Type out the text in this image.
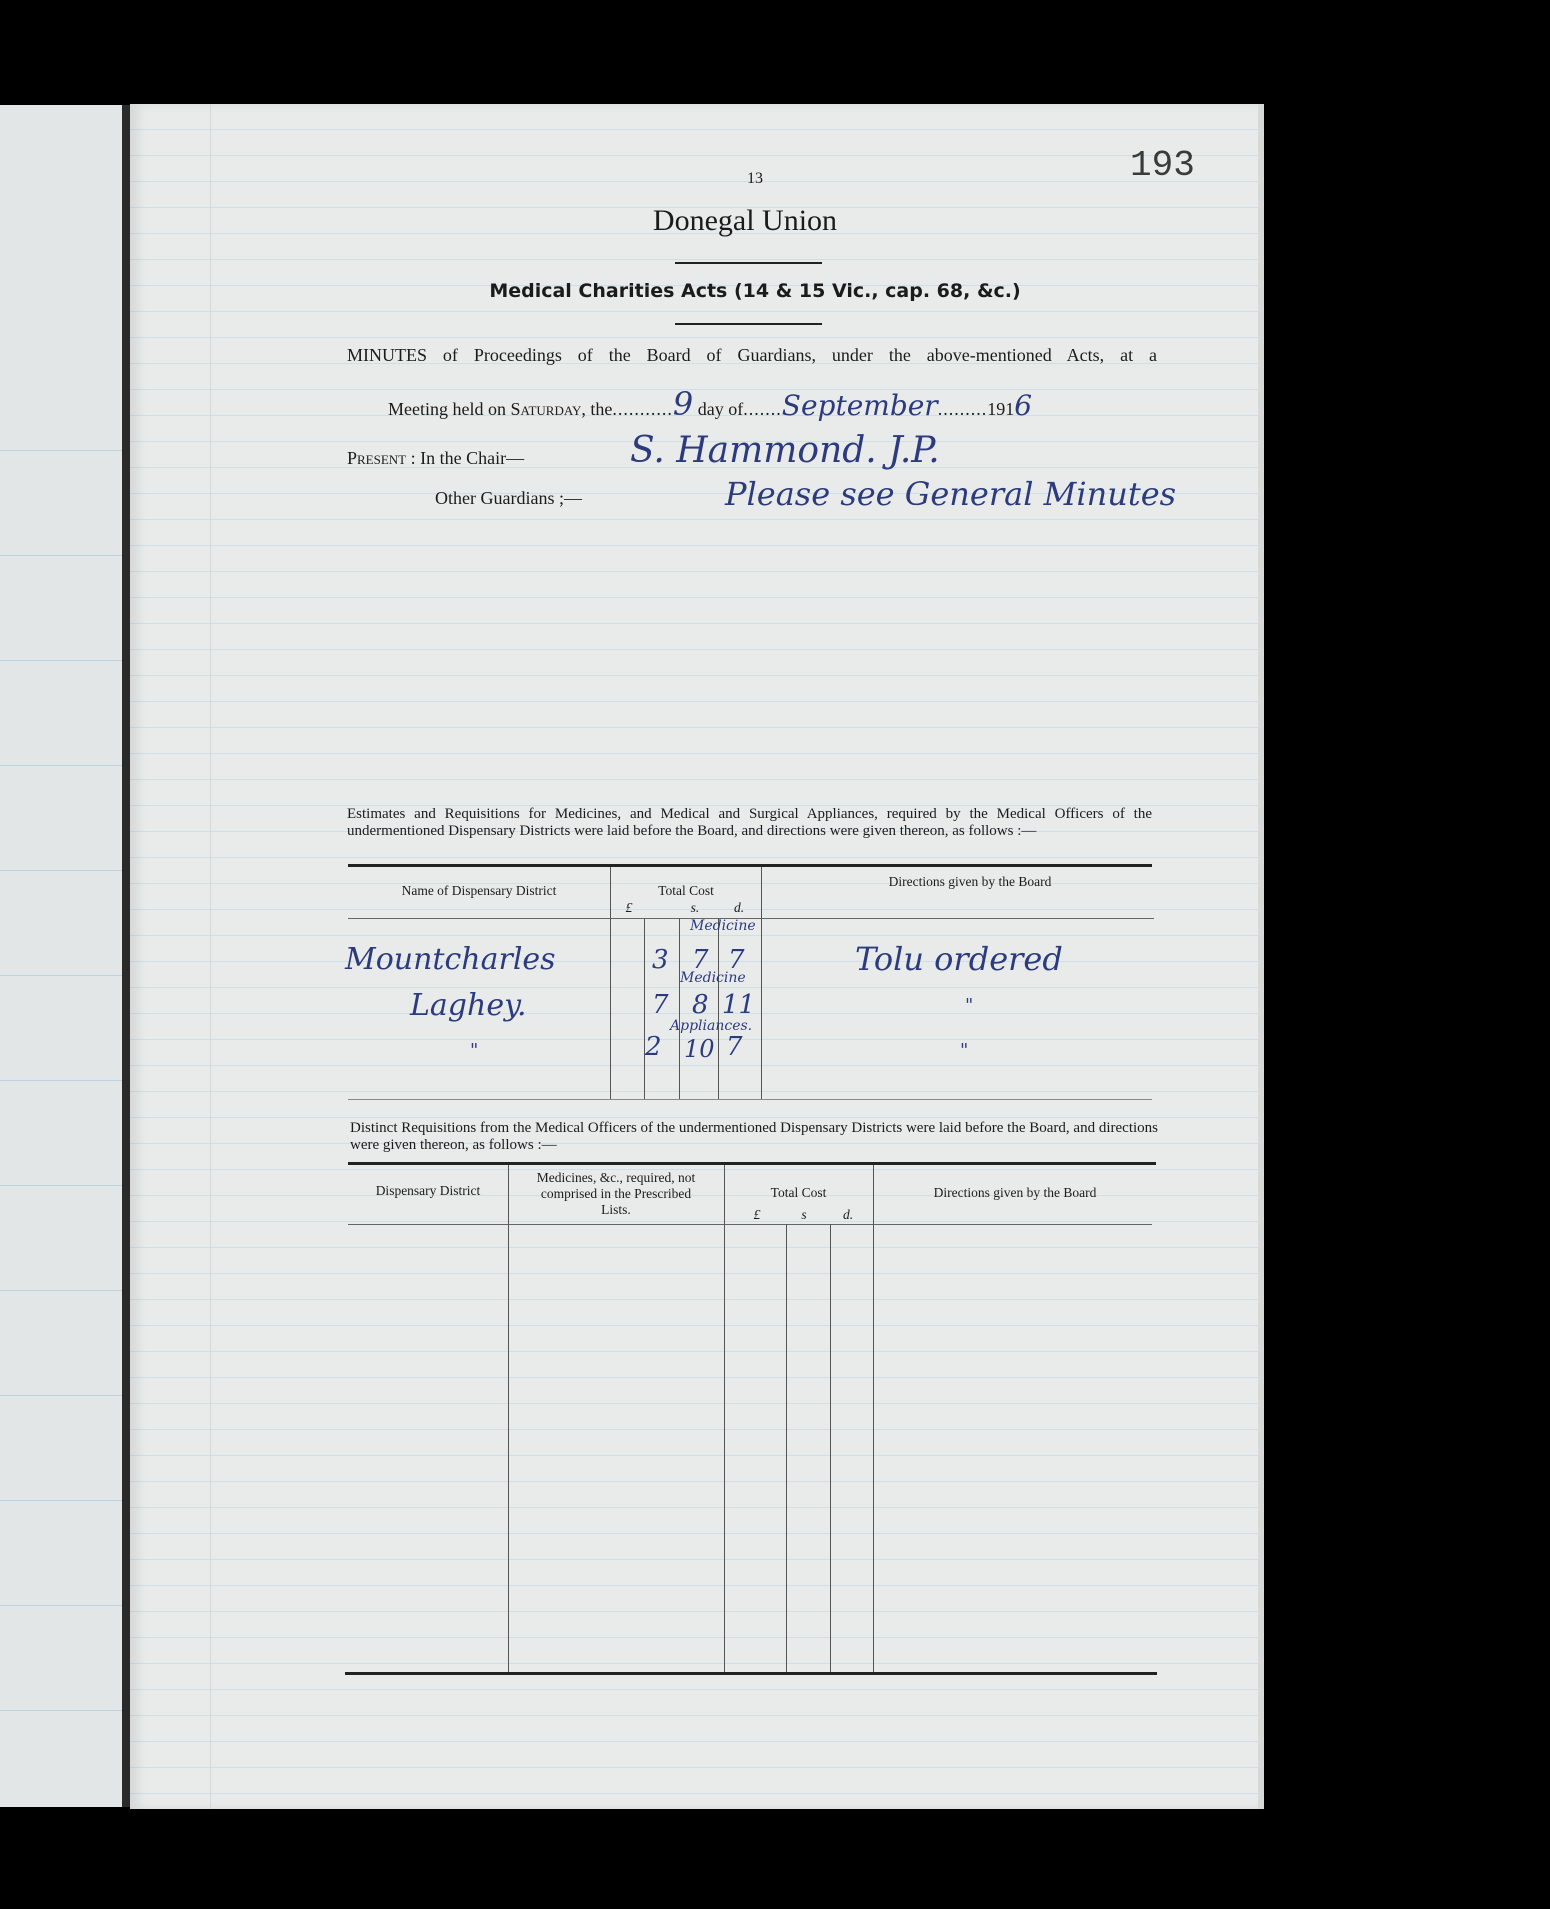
13	193
Donegal Union
Medical Charities Acts (14 & 15 Vic., cap. 68, &c.)
MINUTES of Proceedings of the Board of Guardians, under the above-mentioned Acts, at a
Meeting held on Saturday, the...........9 day of.......September.........1916
Present : In the Chair—	S. Hammond. J.P.
Other Guardians ;—	Please see General Minutes
Estimates and Requisitions for Medicines, and Medical and Surgical Appliances, required by the Medical Officers of the undermentioned Dispensary Districts were laid before the Board, and directions were given thereon, as follows :—
Name of Dispensary District	Total Cost
£	s.	d.
Directions given by the Board
Medicine
Mountcharles	3 7 7	Tolu ordered
Medicine
Laghey.	7 8 11	"
Appliances.
"	2 10 7	"
Distinct Requisitions from the Medical Officers of the undermentioned Dispensary Districts were laid before the Board, and directions were given thereon, as follows :—
Dispensary District
Medicines, &c., required, not comprised in the Prescribed Lists.
Total Cost
£	s	d.
Directions given by the Board
